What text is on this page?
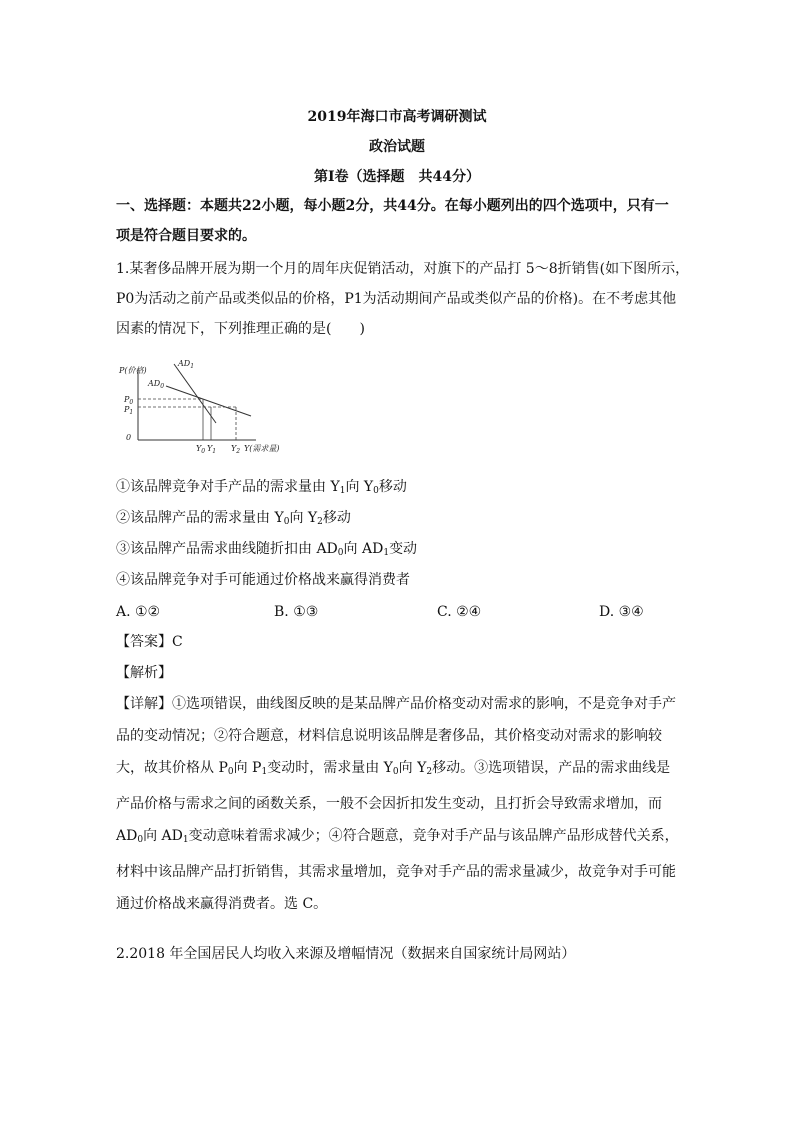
2019年海口市高考调研测试
政治试题
第Ⅰ卷（选择题　共44分）
一、选择题：本题共22小题，每小题2分，共44分。在每小题列出的四个选项中，只有一
项是符合题目要求的。
1.某奢侈品牌开展为期一个月的周年庆促销活动，对旗下的产品打 5～8折销售(如下图所示，
P0为活动之前产品或类似品的价格，P1为活动期间产品或类似产品的价格)。在不考虑其他
因素的情况下，下列推理正确的是(　　)
P(价格)
$AD_1$
$AD_0$
$P_0$
$P_1$
0
$Y_0$ $Y_1$ $Y_2$ Y(需求量)
①该品牌竞争对手产品的需求量由 $Y_1$向 $Y_0$移动
②该品牌产品的需求量由 $Y_0$向 $Y_2$移动
③该品牌产品需求曲线随折扣由 $AD_0$向 $AD_1$变动
④该品牌竞争对手可能通过价格战来赢得消费者
A. ①②	B. ①③	C. ②④	D. ③④
【答案】C
【解析】
【详解】①选项错误，曲线图反映的是某品牌产品价格变动对需求的影响，不是竞争对手产品的变动情况；②符合题意，材料信息说明该品牌是奢侈品，其价格变动对需求的影响较大，故其价格从 $P_0$向 $P_1$变动时，需求量由 $Y_0$向 $Y_2$移动。③选项错误，产品的需求曲线是产品价格与需求之间的函数关系，一般不会因折扣发生变动，且打折会导致需求增加，而 $AD_0$向 $AD_1$变动意味着需求减少；④符合题意，竞争对手产品与该品牌产品形成替代关系，材料中该品牌产品打折销售，其需求量增加，竞争对手产品的需求量减少，故竞争对手可能通过价格战来赢得消费者。选 C。
2.2018 年全国居民人均收入来源及增幅情况（数据来自国家统计局网站）
